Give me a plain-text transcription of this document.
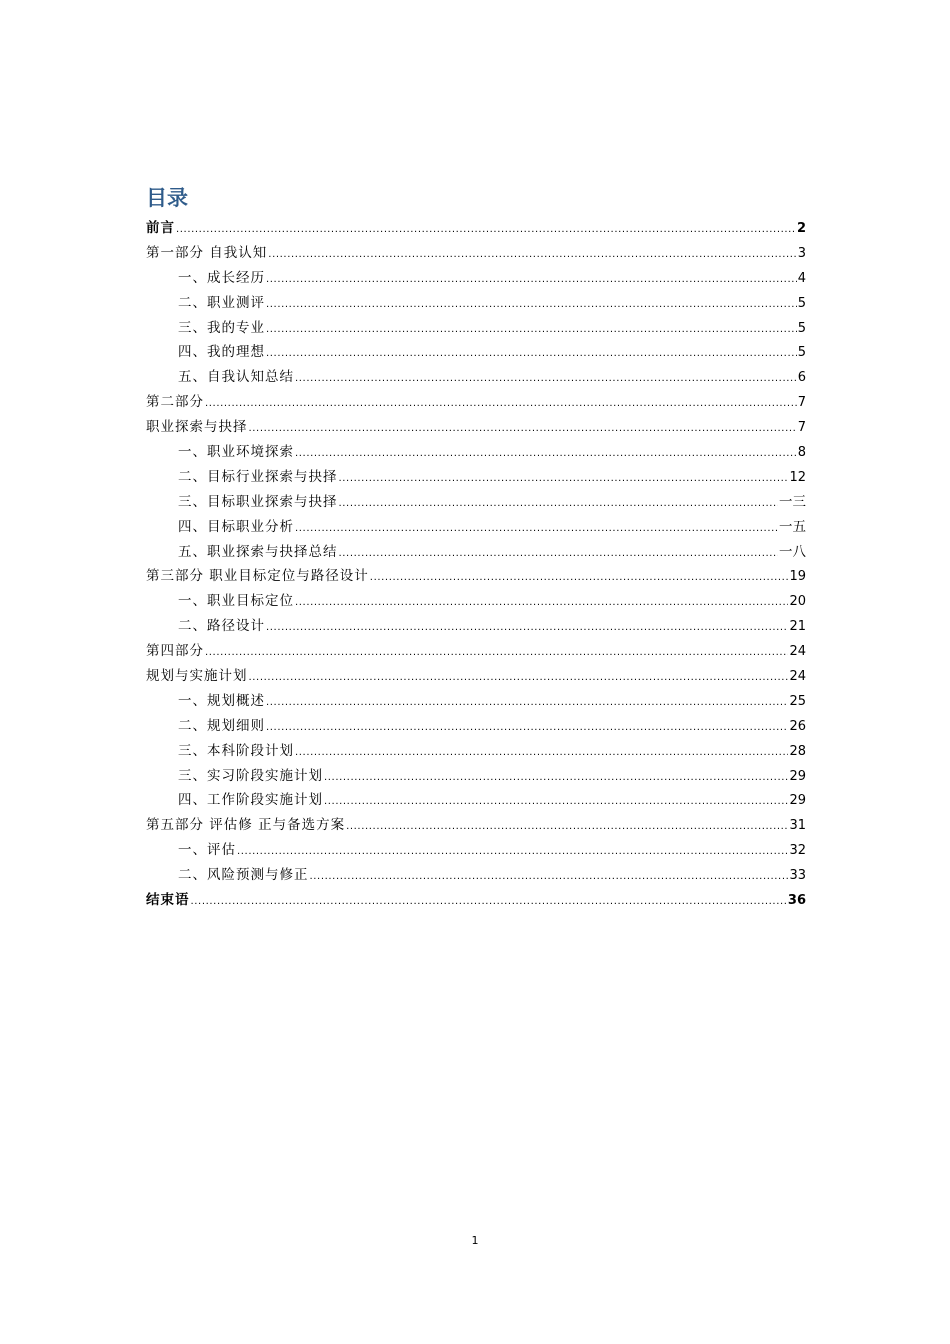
目录
前言 .....	2
第一部分 自我认知 .....	3
一、成长经历 .....	4
二、职业测评 .....	5
三、我的专业 .....	5
四、我的理想 .....	5
五、自我认知总结 .....	6
第二部分 .....	7
职业探索与抉择 .....	7
一、职业环境探索 .....	8
二、目标行业探索与抉择 .....	12
三、目标职业探索与抉择 .....	一三
四、目标职业分析 .....	一五
五、职业探索与抉择总结 .....	一八
第三部分 职业目标定位与路径设计 .....	19
一、职业目标定位 .....	20
二、路径设计 .....	21
第四部分 .....	24
规划与实施计划 .....	24
一、规划概述 .....	25
二、规划细则 .....	26
三、本科阶段计划 .....	28
三、实习阶段实施计划 .....	29
四、工作阶段实施计划 .....	29
第五部分 评估修 正与备选方案 .....	31
一、评估 .....	32
二、风险预测与修正 .....	33
结束语 .....	36
1
